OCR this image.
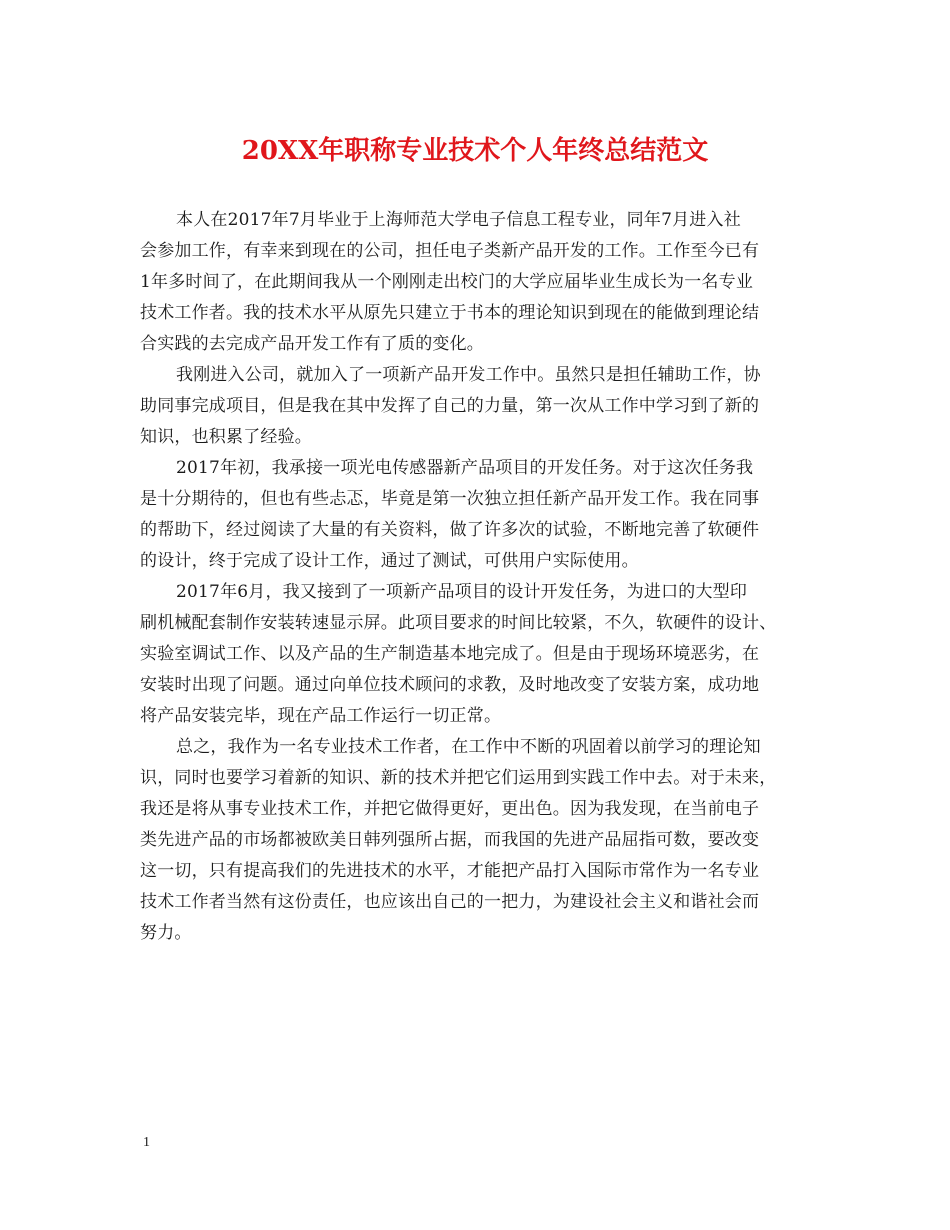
20XX年职称专业技术个人年终总结范文
本人在2017年7月毕业于上海师范大学电子信息工程专业，同年7月进入社
会参加工作，有幸来到现在的公司，担任电子类新产品开发的工作。工作至今已有
1年多时间了，在此期间我从一个刚刚走出校门的大学应届毕业生成长为一名专业
技术工作者。我的技术水平从原先只建立于书本的理论知识到现在的能做到理论结
合实践的去完成产品开发工作有了质的变化。
我刚进入公司，就加入了一项新产品开发工作中。虽然只是担任辅助工作，协
助同事完成项目，但是我在其中发挥了自己的力量，第一次从工作中学习到了新的
知识，也积累了经验。
2017年初，我承接一项光电传感器新产品项目的开发任务。对于这次任务我
是十分期待的，但也有些忐忑，毕竟是第一次独立担任新产品开发工作。我在同事
的帮助下，经过阅读了大量的有关资料，做了许多次的试验，不断地完善了软硬件
的设计，终于完成了设计工作，通过了测试，可供用户实际使用。
2017年6月，我又接到了一项新产品项目的设计开发任务，为进口的大型印
刷机械配套制作安装转速显示屏。此项目要求的时间比较紧，不久，软硬件的设计、
实验室调试工作、以及产品的生产制造基本地完成了。但是由于现场环境恶劣，在
安装时出现了问题。通过向单位技术顾问的求教，及时地改变了安装方案，成功地
将产品安装完毕，现在产品工作运行一切正常。
总之，我作为一名专业技术工作者，在工作中不断的巩固着以前学习的理论知
识，同时也要学习着新的知识、新的技术并把它们运用到实践工作中去。对于未来，
我还是将从事专业技术工作，并把它做得更好，更出色。因为我发现，在当前电子
类先进产品的市场都被欧美日韩列强所占据，而我国的先进产品屈指可数，要改变
这一切，只有提高我们的先进技术的水平，才能把产品打入国际市常作为一名专业
技术工作者当然有这份责任，也应该出自己的一把力，为建设社会主义和谐社会而
努力。
1
